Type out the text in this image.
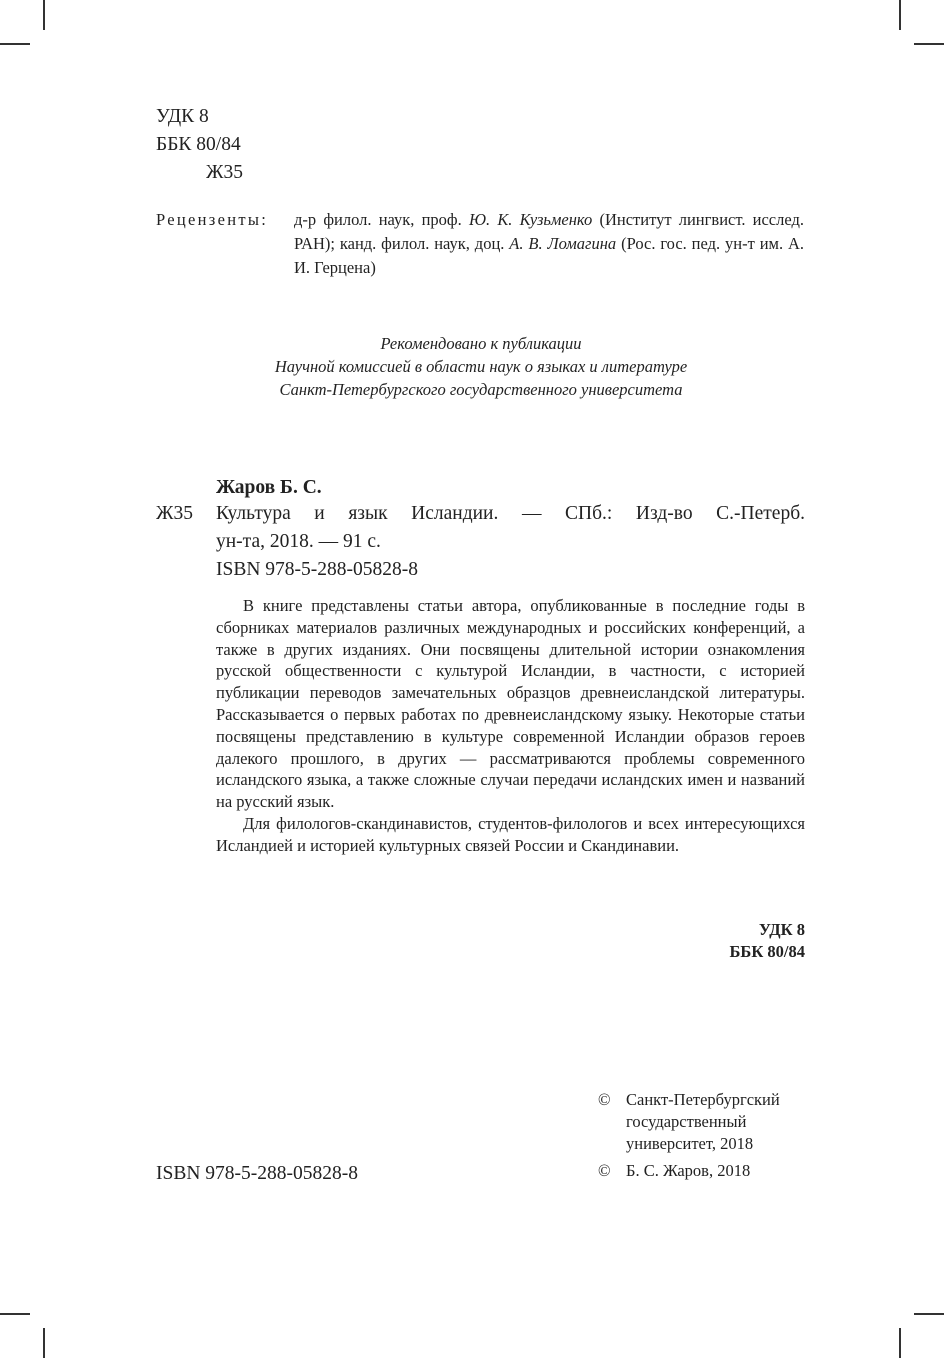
УДК 8
ББК 80/84
Ж35
Рецензенты: д-р филол. наук, проф. Ю. К. Кузьменко (Институт лингвист. исслед. РАН); канд. филол. наук, доц. А. В. Ломагина (Рос. гос. пед. ун-т им. А. И. Герцена)
Рекомендовано к публикации
Научной комиссией в области наук о языках и литературе
Санкт-Петербургского государственного университета
Жаров Б. С.
Ж35 Культура и язык Исландии. — СПб.: Изд-во С.-Петерб.
ун-та, 2018. — 91 с.
ISBN 978-5-288-05828-8

В книге представлены статьи автора, опубликованные в последние годы в сборниках материалов различных международных и российских конференций, а также в других изданиях. Они посвящены длительной истории ознакомления русской общественности с культурой Исландии, в частности, с историей публикации переводов замечательных образцов древнеисландской литературы. Рассказывается о первых работах по древнеисландскому языку. Некоторые статьи посвящены представлению в культуре современной Исландии образов героев далекого прошлого, в других — рассматриваются проблемы современного исландского языка, а также сложные случаи передачи исландских имен и названий на русский язык.

Для филологов-скандинавистов, студентов-филологов и всех интересующихся Исландией и историей культурных связей России и Скандинавии.

УДК 8
ББК 80/84
© Санкт-Петербургский
государственный
университет, 2018
© Б. С. Жаров, 2018
ISBN 978-5-288-05828-8
